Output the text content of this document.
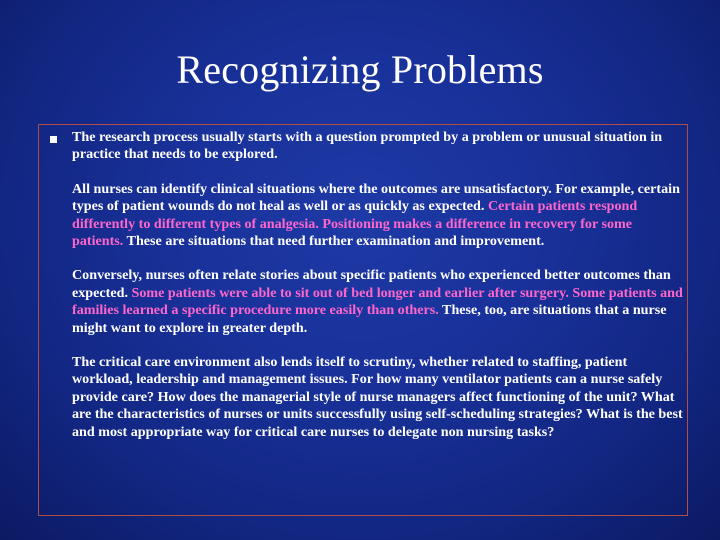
Recognizing Problems

The research process usually starts with a question prompted by a problem or unusual situation in practice that needs to be explored.

All nurses can identify clinical situations where the outcomes are unsatisfactory. For example, certain types of patient wounds do not heal as well or as quickly as expected. Certain patients respond differently to different types of analgesia. Positioning makes a difference in recovery for some patients. These are situations that need further examination and improvement.

Conversely, nurses often relate stories about specific patients who experienced better outcomes than expected. Some patients were able to sit out of bed longer and earlier after surgery. Some patients and families learned a specific procedure more easily than others. These, too, are situations that a nurse might want to explore in greater depth.

The critical care environment also lends itself to scrutiny, whether related to staffing, patient workload, leadership and management issues. For how many ventilator patients can a nurse safely provide care? How does the managerial style of nurse managers affect functioning of the unit? What are the characteristics of nurses or units successfully using self-scheduling strategies? What is the best and most appropriate way for critical care nurses to delegate non nursing tasks?
